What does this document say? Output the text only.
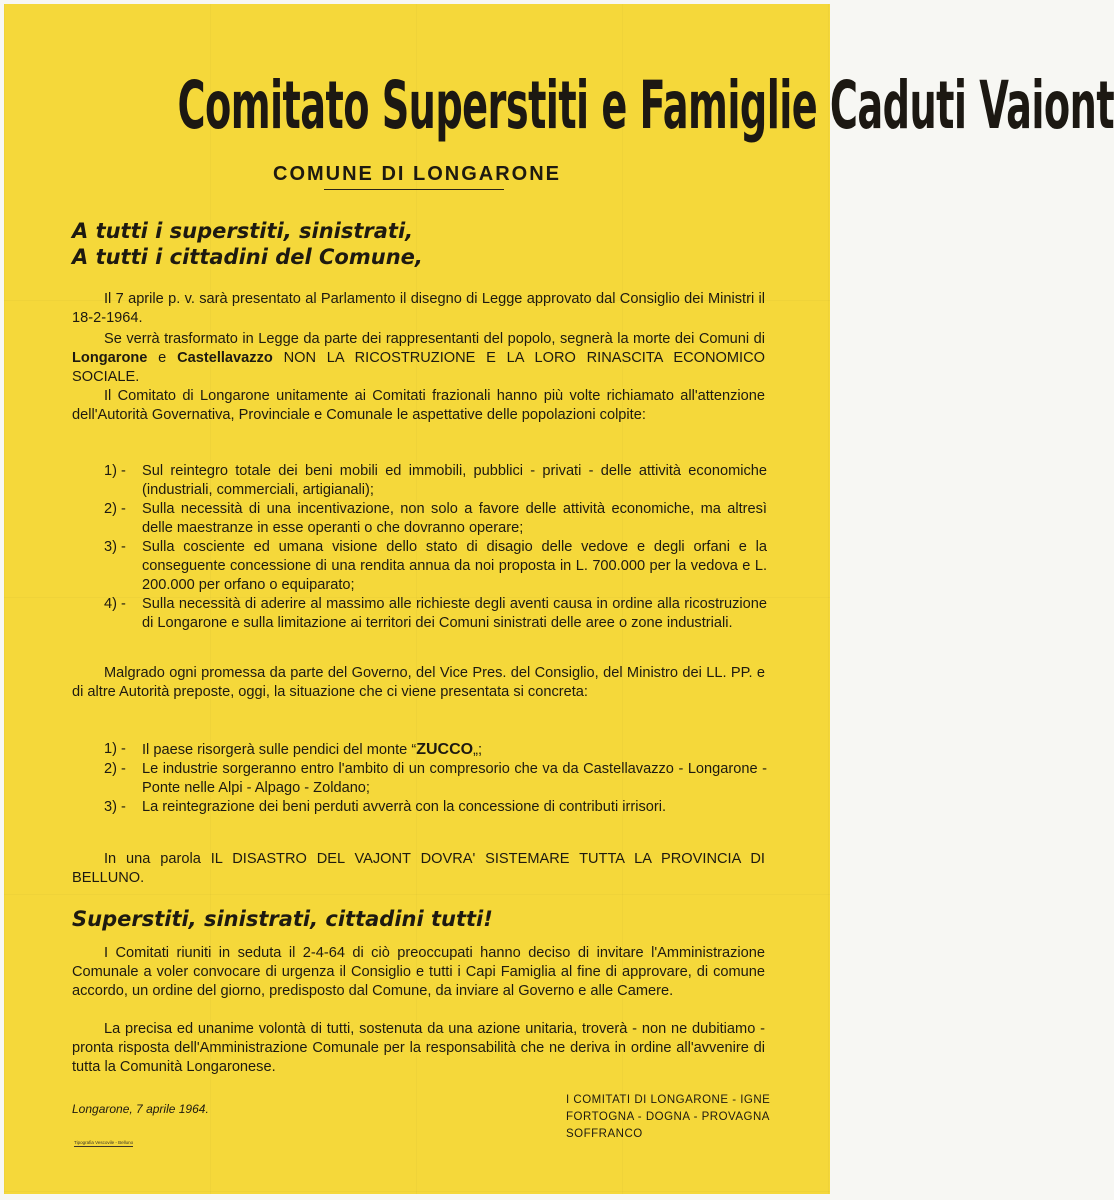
Comitato Superstiti e Famiglie Caduti Vaiont
COMUNE DI LONGARONE
A tutti i superstiti, sinistrati,
A tutti i cittadini del Comune,
Il 7 aprile p. v. sarà presentato al Parlamento il disegno di Legge approvato dal Consiglio dei Ministri il 18-2-1964.
Se verrà trasformato in Legge da parte dei rappresentanti del popolo, segnerà la morte dei Comuni di Longarone e Castellavazzo NON LA RICOSTRUZIONE E LA LORO RINASCITA ECONOMICO SOCIALE.
Il Comitato di Longarone unitamente ai Comitati frazionali hanno più volte richiamato all'attenzione dell'Autorità Governativa, Provinciale e Comunale le aspettative delle popolazioni colpite:
1) - Sul reintegro totale dei beni mobili ed immobili, pubblici - privati - delle attività economiche (industriali, commerciali, artigianali);
2) - Sulla necessità di una incentivazione, non solo a favore delle attività economiche, ma altresì delle maestranze in esse operanti o che dovranno operare;
3) - Sulla cosciente ed umana visione dello stato di disagio delle vedove e degli orfani e la conseguente concessione di una rendita annua da noi proposta in L. 700.000 per la vedova e L. 200.000 per orfano o equiparato;
4) - Sulla necessità di aderire al massimo alle richieste degli aventi causa in ordine alla ricostruzione di Longarone e sulla limitazione ai territori dei Comuni sinistrati delle aree o zone industriali.
Malgrado ogni promessa da parte del Governo, del Vice Pres. del Consiglio, del Ministro dei LL. PP. e di altre Autorità preposte, oggi, la situazione che ci viene presentata si concreta:
1) - Il paese risorgerà sulle pendici del monte “ZUCCO„;
2) - Le industrie sorgeranno entro l'ambito di un compresorio che va da Castellavazzo - Longarone - Ponte nelle Alpi - Alpago - Zoldano;
3) - La reintegrazione dei beni perduti avverrà con la concessione di contributi irrisori.
In una parola IL DISASTRO DEL VAJONT DOVRA' SISTEMARE TUTTA LA PROVINCIA DI BELLUNO.
Superstiti, sinistrati, cittadini tutti!
I Comitati riuniti in seduta il 2-4-64 di ciò preoccupati hanno deciso di invitare l'Amministrazione Comunale a voler convocare di urgenza il Consiglio e tutti i Capi Famiglia al fine di approvare, di comune accordo, un ordine del giorno, predisposto dal Comune, da inviare al Governo e alle Camere.
La precisa ed unanime volontà di tutti, sostenuta da una azione unitaria, troverà - non ne dubitiamo - pronta risposta dell'Amministrazione Comunale per la responsabilità che ne deriva in ordine all'avvenire di tutta la Comunità Longaronese.
Longarone, 7 aprile 1964.
I COMITATI DI LONGARONE - IGNE
FORTOGNA - DOGNA - PROVAGNA
SOFFRANCO
Tipografia Vescovile - Belluno
